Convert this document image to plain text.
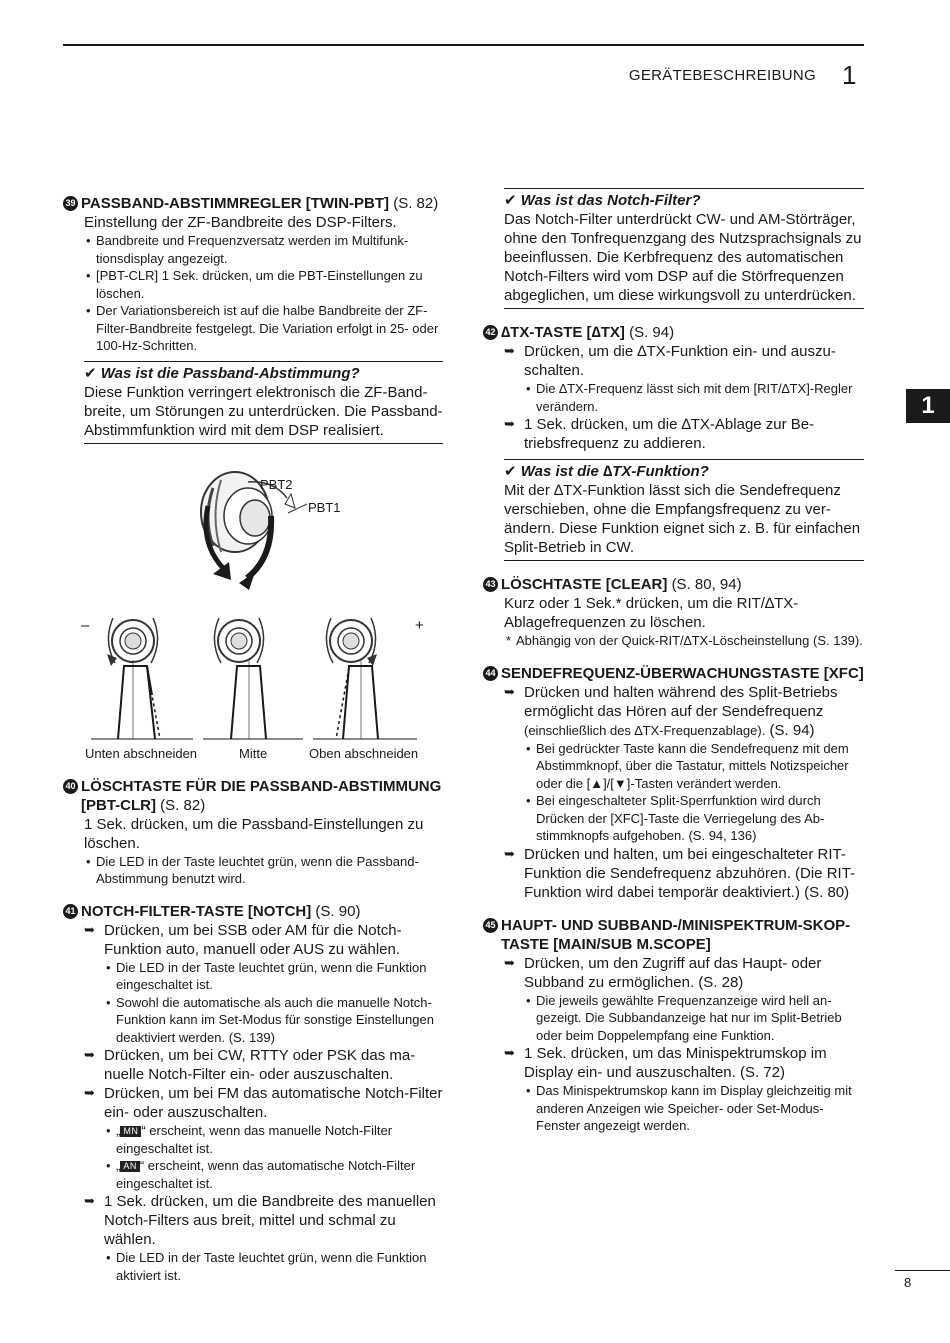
GERÄTEBESCHREIBUNG 1
1
39 PASSBAND-ABSTIMMREGLER [TWIN-PBT] (S. 82)
Einstellung der ZF-Bandbreite des DSP-Filters.
• Bandbreite und Frequenzversatz werden im Multifunktionsdisplay angezeigt.
• [PBT-CLR] 1 Sek. drücken, um die PBT-Einstellungen zu löschen.
• Der Variationsbereich ist auf die halbe Bandbreite der ZF-Filter-Bandbreite festgelegt. Die Variation erfolgt in 25- oder 100-Hz-Schritten.
✔ Was ist die Passband-Abstimmung?
Diese Funktion verringert elektronisch die ZF-Bandbreite, um Störungen zu unterdrücken. Die Passband-Abstimmfunktion wird mit dem DSP realisiert.
PBT2
PBT1
–	+
Unten abschneiden	Mitte	Oben abschneiden
40 LÖSCHTASTE FÜR DIE PASSBAND-ABSTIMMUNG [PBT-CLR] (S. 82)
1 Sek. drücken, um die Passband-Einstellungen zu löschen.
• Die LED in der Taste leuchtet grün, wenn die Passband-Abstimmung benutzt wird.
41 NOTCH-FILTER-TASTE [NOTCH] (S. 90)
➥ Drücken, um bei SSB oder AM für die Notch-Funktion auto, manuell oder AUS zu wählen.
• Die LED in der Taste leuchtet grün, wenn die Funktion eingeschaltet ist.
• Sowohl die automatische als auch die manuelle Notch-Funktion kann im Set-Modus für sonstige Einstellungen deaktiviert werden. (S. 139)
➥ Drücken, um bei CW, RTTY oder PSK das manuelle Notch-Filter ein- oder auszuschalten.
➥ Drücken, um bei FM das automatische Notch-Filter ein- oder auszuschalten.
• „ MN “ erscheint, wenn das manuelle Notch-Filter eingeschaltet ist.
• „ AN “ erscheint, wenn das automatische Notch-Filter eingeschaltet ist.
➥ 1 Sek. drücken, um die Bandbreite des manuellen Notch-Filters aus breit, mittel und schmal zu wählen.
• Die LED in der Taste leuchtet grün, wenn die Funktion aktiviert ist.
✔ Was ist das Notch-Filter?
Das Notch-Filter unterdrückt CW- und AM-Störträger, ohne den Tonfrequenzgang des Nutzsprachsignals zu beeinflussen. Die Kerbfrequenz des automatischen Notch-Filters wird vom DSP auf die Störfrequenzen abgeglichen, um diese wirkungsvoll zu unterdrücken.
42 ∆TX-TASTE [∆TX] (S. 94)
➥ Drücken, um die ∆TX-Funktion ein- und auszuschalten.
• Die ∆TX-Frequenz lässt sich mit dem [RIT/∆TX]-Regler verändern.
➥ 1 Sek. drücken, um die ∆TX-Ablage zur Betriebsfrequenz zu addieren.
✔ Was ist die ∆TX-Funktion?
Mit der ∆TX-Funktion lässt sich die Sendefrequenz verschieben, ohne die Empfangsfrequenz zu verändern. Diese Funktion eignet sich z. B. für einfachen Split-Betrieb in CW.
43 LÖSCHTASTE [CLEAR] (S. 80, 94)
Kurz oder 1 Sek.* drücken, um die RIT/∆TX-Ablagefrequenzen zu löschen.
* Abhängig von der Quick-RIT/∆TX-Löscheinstellung (S. 139).
44 SENDEFREQUENZ-ÜBERWACHUNGSTASTE [XFC]
➥ Drücken und halten während des Split-Betriebs ermöglicht das Hören auf der Sendefrequenz (einschließlich des ∆TX-Frequenzablage). (S. 94)
• Bei gedrückter Taste kann die Sendefrequenz mit dem Abstimmknopf, über die Tastatur, mittels Notizspeicher oder die [▲]/[▼]-Tasten verändert werden.
• Bei eingeschalteter Split-Sperrfunktion wird durch Drücken der [XFC]-Taste die Verriegelung des Abstimmknopfs aufgehoben. (S. 94, 136)
➥ Drücken und halten, um bei eingeschalteter RIT-Funktion die Sendefrequenz abzuhören. (Die RIT-Funktion wird dabei temporär deaktiviert.) (S. 80)
45 HAUPT- UND SUBBAND-/MINISPEKTRUM-SKOP-TASTE [MAIN/SUB M.SCOPE]
➥ Drücken, um den Zugriff auf das Haupt- oder Subband zu ermöglichen. (S. 28)
• Die jeweils gewählte Frequenzanzeige wird hell angezeigt. Die Subbandanzeige hat nur im Split-Betrieb oder beim Doppelempfang eine Funktion.
➥ 1 Sek. drücken, um das Minispektrumskop im Display ein- und auszuschalten. (S. 72)
• Das Minispektrumskop kann im Display gleichzeitig mit anderen Anzeigen wie Speicher- oder Set-Modus-Fenster angezeigt werden.
8
